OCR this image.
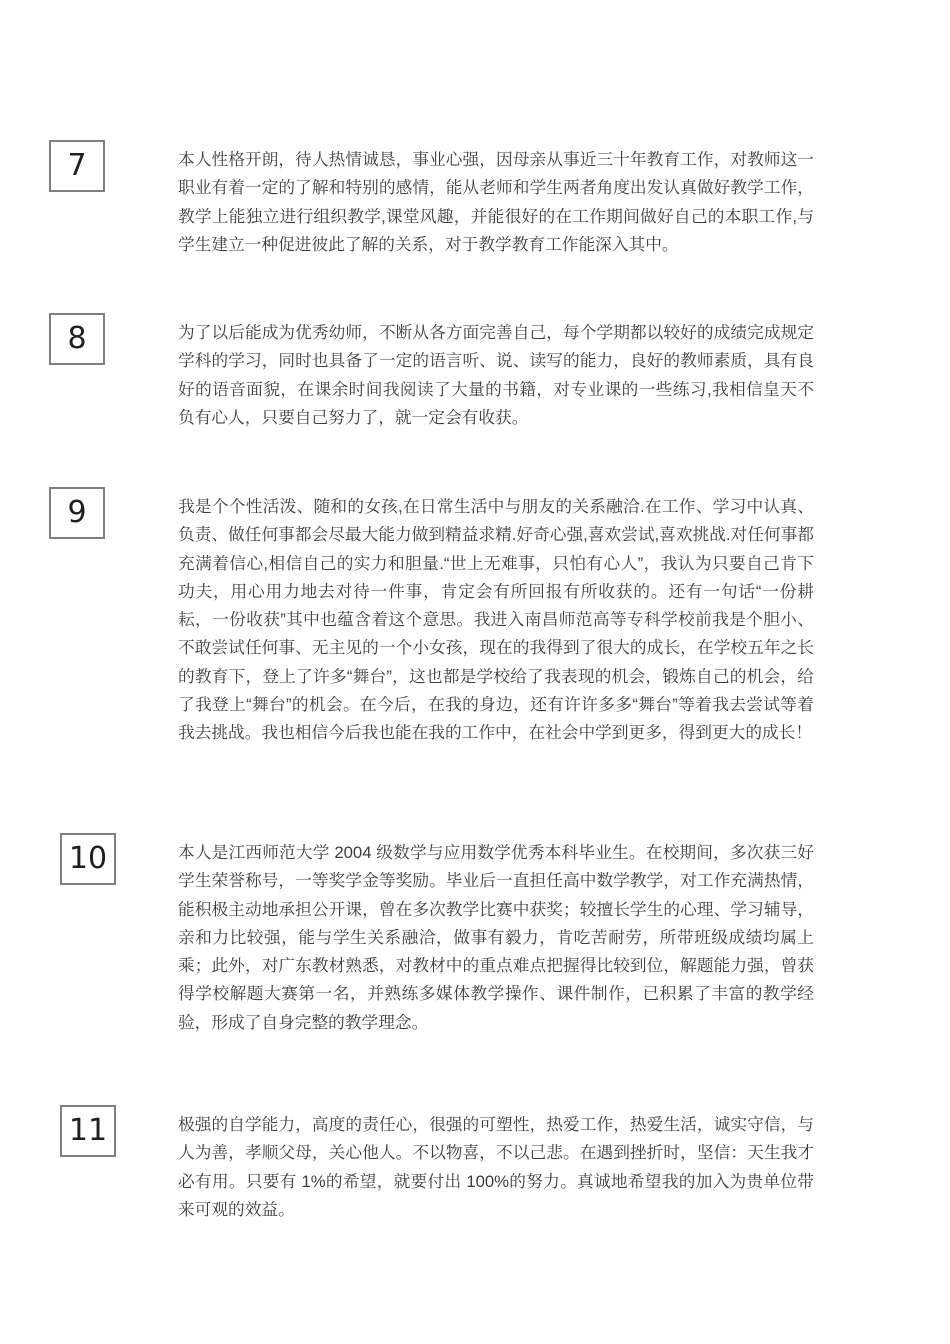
7	本人性格开朗，待人热情诚恳，事业心强，因母亲从事近三十年教育工作，对教师这一职业有着一定的了解和特别的感情，能从老师和学生两者角度出发认真做好教学工作，教学上能独立进行组织教学,课堂风趣，并能很好的在工作期间做好自己的本职工作,与学生建立一种促进彼此了解的关系，对于教学教育工作能深入其中。
8	为了以后能成为优秀幼师，不断从各方面完善自己，每个学期都以较好的成绩完成规定学科的学习，同时也具备了一定的语言听、说、读写的能力，良好的教师素质，具有良好的语音面貌，在课余时间我阅读了大量的书籍，对专业课的一些练习,我相信皇天不负有心人，只要自己努力了，就一定会有收获。
9	我是个个性活泼、随和的女孩,在日常生活中与朋友的关系融洽.在工作、学习中认真、负责、做任何事都会尽最大能力做到精益求精.好奇心强,喜欢尝试,喜欢挑战.对任何事都充满着信心,相信自己的实力和胆量.“世上无难事，只怕有心人”，我认为只要自己肯下功夫，用心用力地去对待一件事，肯定会有所回报有所收获的。还有一句话“一份耕耘，一份收获”其中也蕴含着这个意思。我进入南昌师范高等专科学校前我是个胆小、不敢尝试任何事、无主见的一个小女孩，现在的我得到了很大的成长，在学校五年之长的教育下，登上了许多“舞台”，这也都是学校给了我表现的机会，锻炼自己的机会，给了我登上“舞台”的机会。在今后，在我的身边，还有许许多多“舞台”等着我去尝试等着我去挑战。我也相信今后我也能在我的工作中，在社会中学到更多，得到更大的成长！
10	本人是江西师范大学 2004 级数学与应用数学优秀本科毕业生。在校期间，多次获三好学生荣誉称号，一等奖学金等奖励。毕业后一直担任高中数学教学，对工作充满热情，能积极主动地承担公开课，曾在多次教学比赛中获奖；较擅长学生的心理、学习辅导，亲和力比较强，能与学生关系融洽，做事有毅力，肯吃苦耐劳，所带班级成绩均属上乘；此外，对广东教材熟悉，对教材中的重点难点把握得比较到位，解题能力强，曾获得学校解题大赛第一名，并熟练多媒体教学操作、课件制作，已积累了丰富的教学经验，形成了自身完整的教学理念。
11	极强的自学能力，高度的责任心，很强的可塑性，热爱工作，热爱生活，诚实守信，与人为善，孝顺父母，关心他人。不以物喜，不以己悲。在遇到挫折时，坚信：天生我才必有用。只要有 1%的希望，就要付出 100%的努力。真诚地希望我的加入为贵单位带来可观的效益。
